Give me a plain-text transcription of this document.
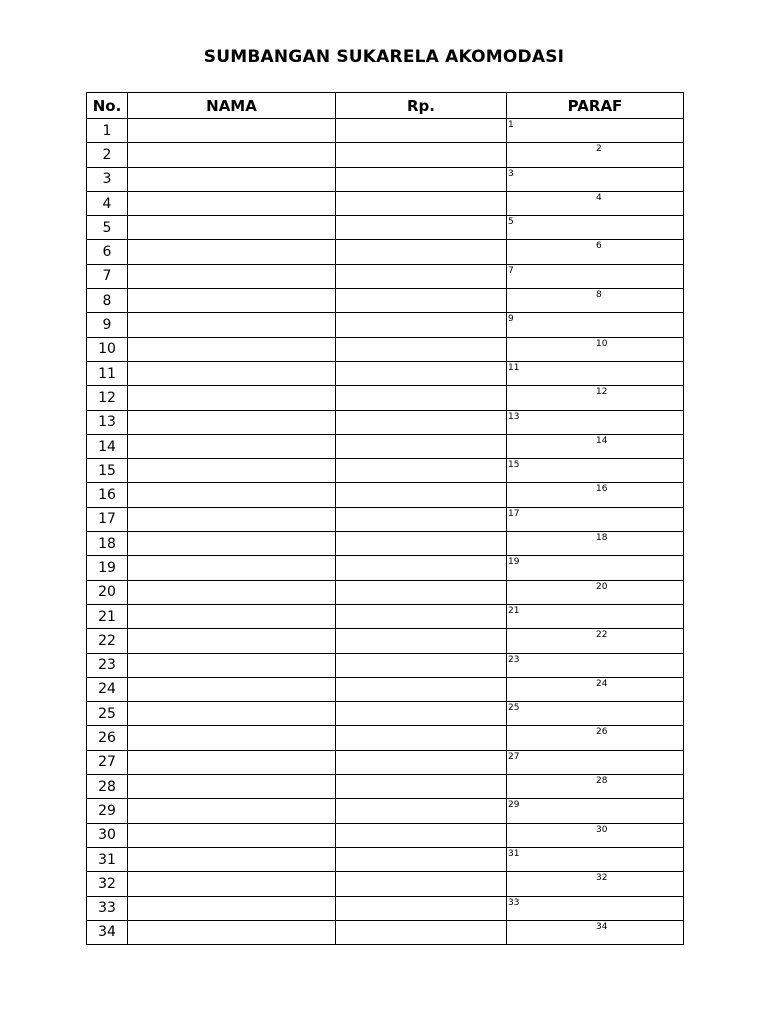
SUMBANGAN SUKARELA AKOMODASI
No.	NAMA	Rp.	PARAF
1			1

2			2

3			3

4			4

5			5

6			6

7			7

8			8

9			9

10			10

11			11

12			12

13			13

14			14

15			15

16			16

17			17

18			18

19			19

20			20

21			21

22			22

23			23

24			24

25			25

26			26

27			27

28			28

29			29

30			30

31			31

32			32

33			33

34			34
